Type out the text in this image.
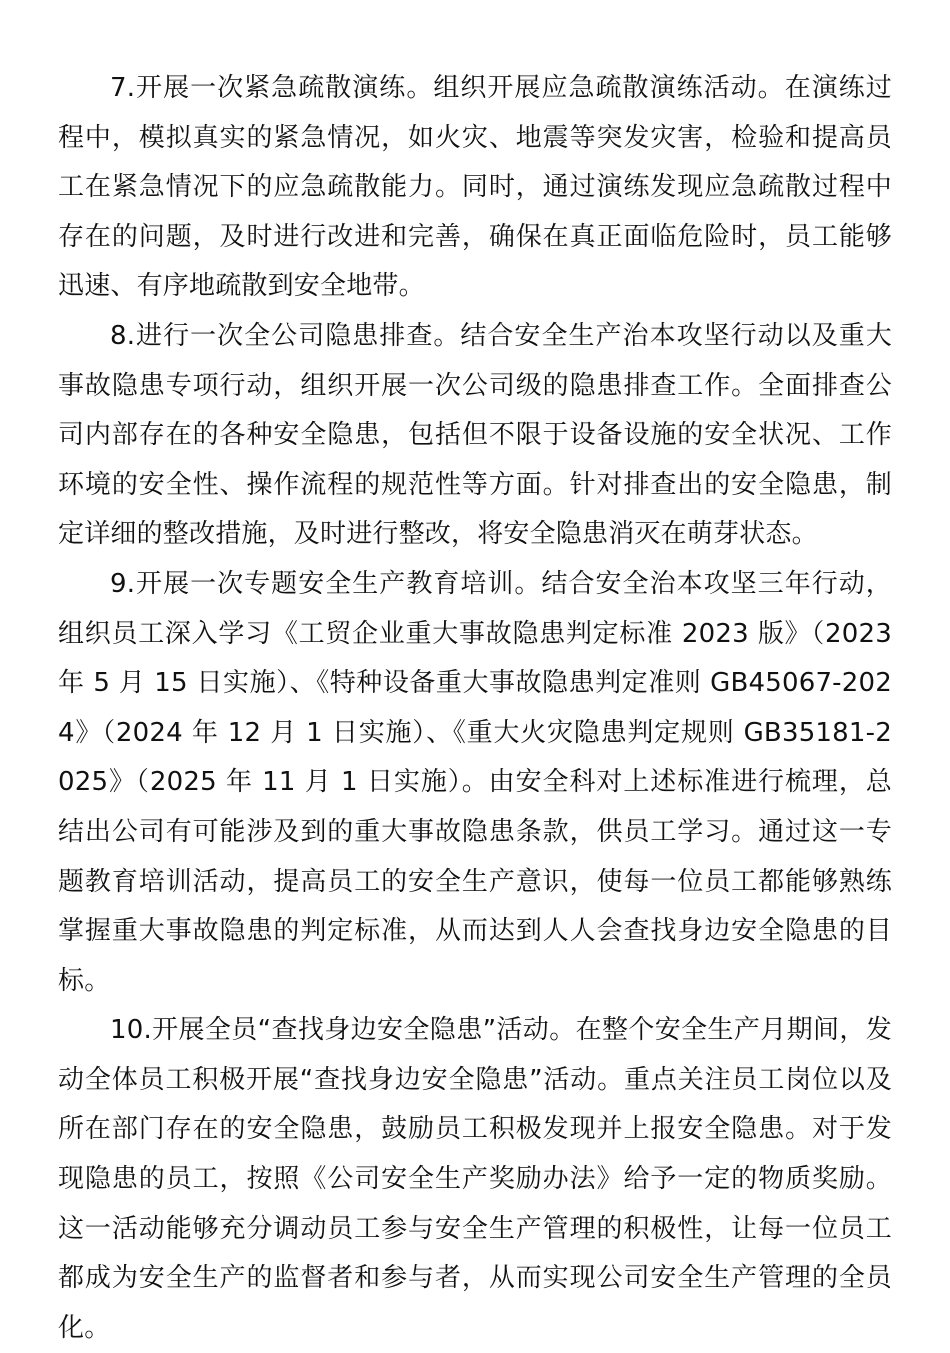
7.开展一次紧急疏散演练。组织开展应急疏散演练活动。在演练过程中，模拟真实的紧急情况，如火灾、地震等突发灾害，检验和提高员工在紧急情况下的应急疏散能力。同时，通过演练发现应急疏散过程中存在的问题，及时进行改进和完善，确保在真正面临危险时，员工能够迅速、有序地疏散到安全地带。

8.进行一次全公司隐患排查。结合安全生产治本攻坚行动以及重大事故隐患专项行动，组织开展一次公司级的隐患排查工作。全面排查公司内部存在的各种安全隐患，包括但不限于设备设施的安全状况、工作环境的安全性、操作流程的规范性等方面。针对排查出的安全隐患，制定详细的整改措施，及时进行整改，将安全隐患消灭在萌芽状态。

9.开展一次专题安全生产教育培训。结合安全治本攻坚三年行动，组织员工深入学习《工贸企业重大事故隐患判定标准 2023 版》（2023 年 5 月 15 日实施）、《特种设备重大事故隐患判定准则 GB45067-2024》（2024 年 12 月 1 日实施）、《重大火灾隐患判定规则 GB35181-2025》（2025 年 11 月 1 日实施）。由安全科对上述标准进行梳理，总结出公司有可能涉及到的重大事故隐患条款，供员工学习。通过这一专题教育培训活动，提高员工的安全生产意识，使每一位员工都能够熟练掌握重大事故隐患的判定标准，从而达到人人会查找身边安全隐患的目标。

10.开展全员“查找身边安全隐患”活动。在整个安全生产月期间，发动全体员工积极开展“查找身边安全隐患”活动。重点关注员工岗位以及所在部门存在的安全隐患，鼓励员工积极发现并上报安全隐患。对于发现隐患的员工，按照《公司安全生产奖励办法》给予一定的物质奖励。这一活动能够充分调动员工参与安全生产管理的积极性，让每一位员工都成为安全生产的监督者和参与者，从而实现公司安全生产管理的全员化。
